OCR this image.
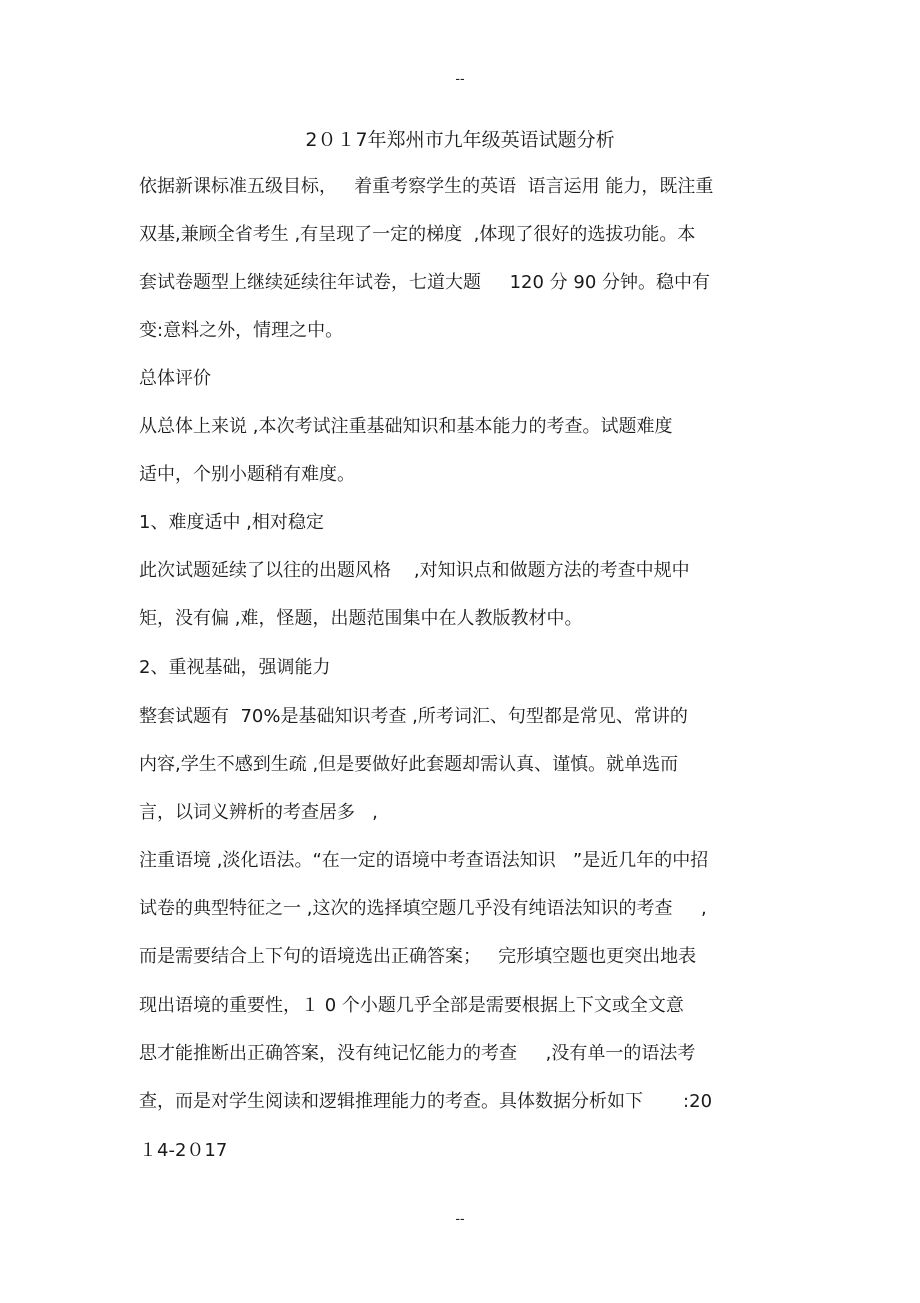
--
2０１7年郑州市九年级英语试题分析
依据新课标准五级目标，   着重考察学生的英语  语言运用 能力，既注重
双基,兼顾全省考生 ,有呈现了一定的梯度  ,体现了很好的选拔功能。本
套试卷题型上继续延续往年试卷，七道大题     120 分 90 分钟。稳中有
变:意料之外，情理之中。
总体评价
从总体上来说 ,本次考试注重基础知识和基本能力的考查。试题难度
适中，个别小题稍有难度。
1、难度适中 ,相对稳定
此次试题延续了以往的出题风格    ,对知识点和做题方法的考查中规中
矩，没有偏 ,难，怪题，出题范围集中在人教版教材中。
2、重视基础，强调能力
整套试题有  70%是基础知识考查 ,所考词汇、句型都是常见、常讲的
内容,学生不感到生疏 ,但是要做好此套题却需认真、谨慎。就单选而
言，以词义辨析的考查居多   ,
注重语境 ,淡化语法。“在一定的语境中考查语法知识   ”是近几年的中招
试卷的典型特征之一 ,这次的选择填空题几乎没有纯语法知识的考查     ,
而是需要结合上下句的语境选出正确答案；   完形填空题也更突出地表
现出语境的重要性，１ 0 个小题几乎全部是需要根据上下文或全文意
思才能推断出正确答案，没有纯记忆能力的考查     ,没有单一的语法考
查，而是对学生阅读和逻辑推理能力的考查。具体数据分析如下       :20
１4-2０17
--
